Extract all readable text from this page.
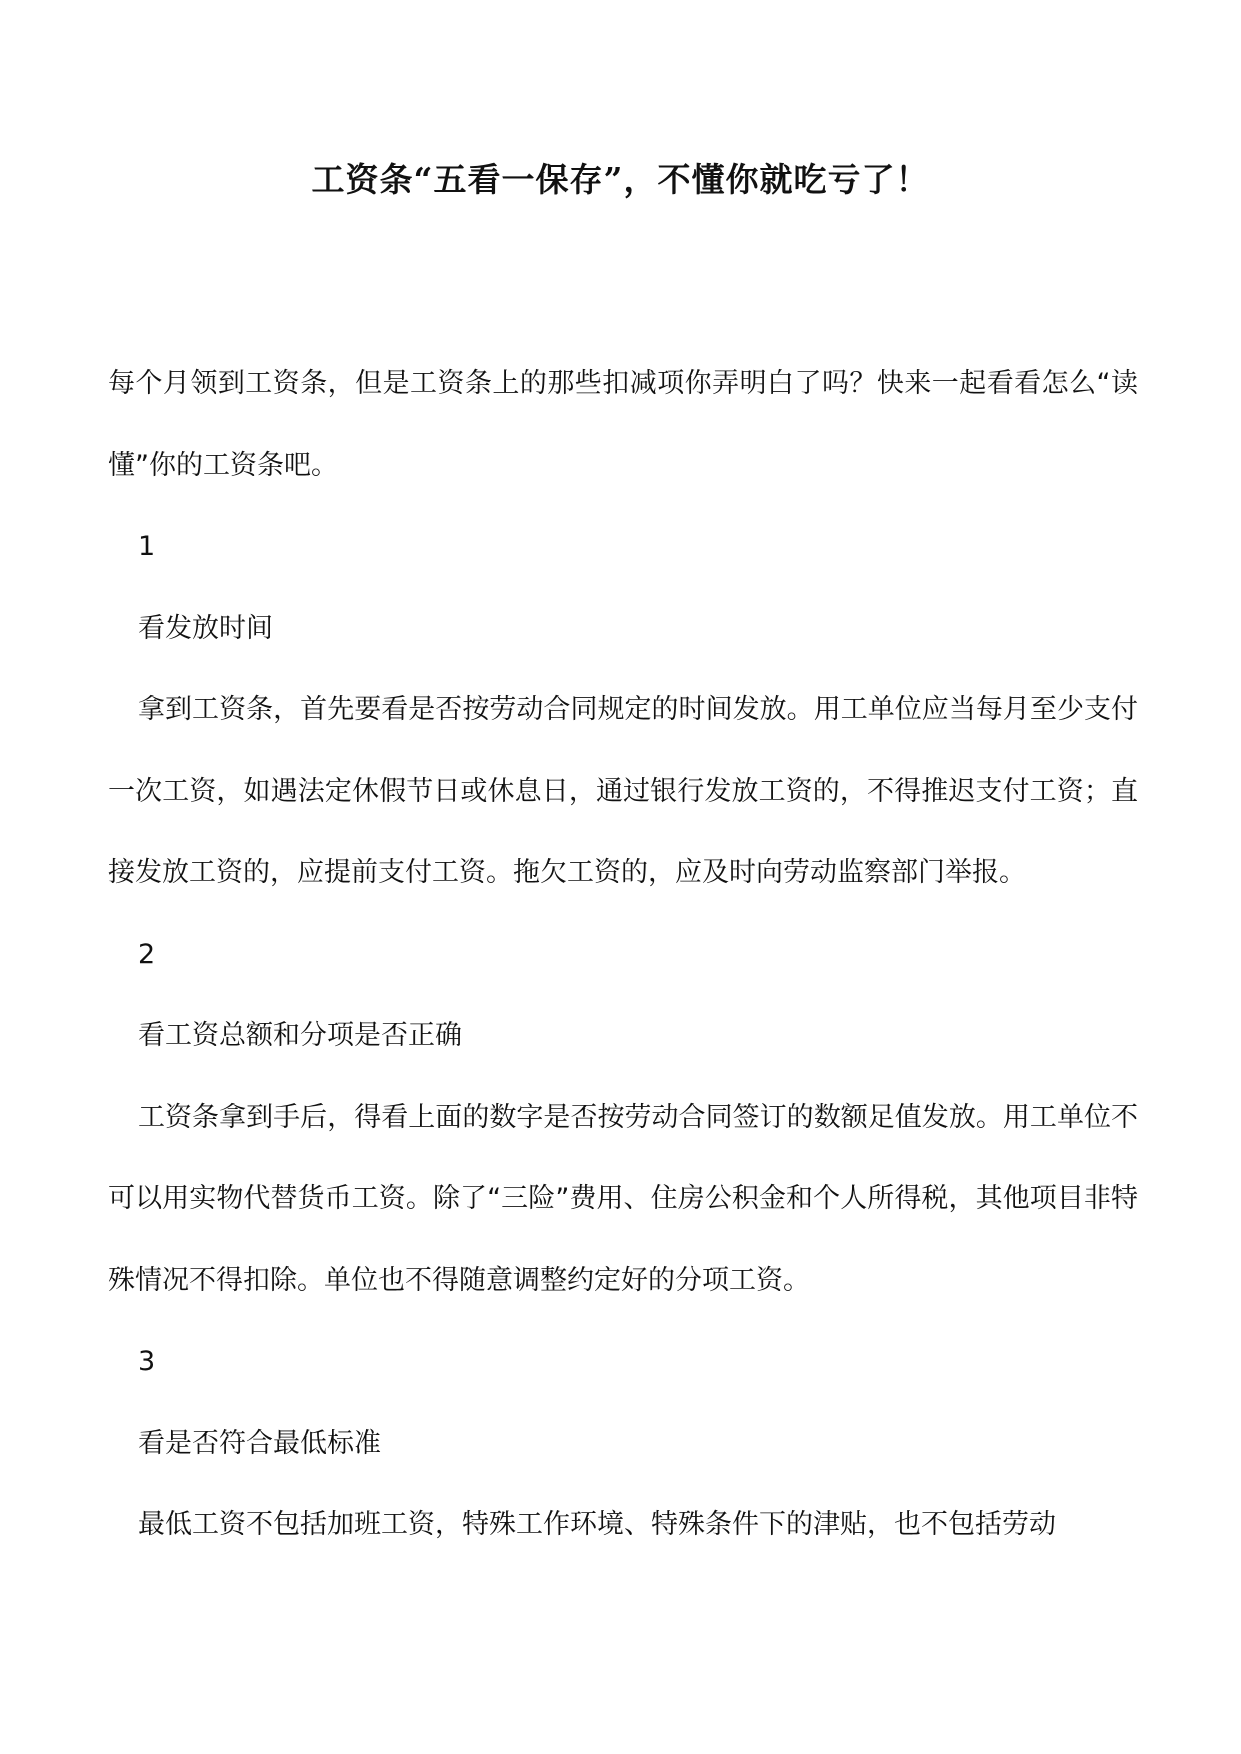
工资条“五看一保存”，不懂你就吃亏了！

每个月领到工资条，但是工资条上的那些扣减项你弄明白了吗？快来一起看看怎么“读懂”你的工资条吧。

1

看发放时间

拿到工资条，首先要看是否按劳动合同规定的时间发放。用工单位应当每月至少支付一次工资，如遇法定休假节日或休息日，通过银行发放工资的，不得推迟支付工资；直接发放工资的，应提前支付工资。拖欠工资的，应及时向劳动监察部门举报。

2

看工资总额和分项是否正确

工资条拿到手后，得看上面的数字是否按劳动合同签订的数额足值发放。用工单位不可以用实物代替货币工资。除了“三险”费用、住房公积金和个人所得税，其他项目非特殊情况不得扣除。单位也不得随意调整约定好的分项工资。

3

看是否符合最低标准

最低工资不包括加班工资，特殊工作环境、特殊条件下的津贴，也不包括劳动
